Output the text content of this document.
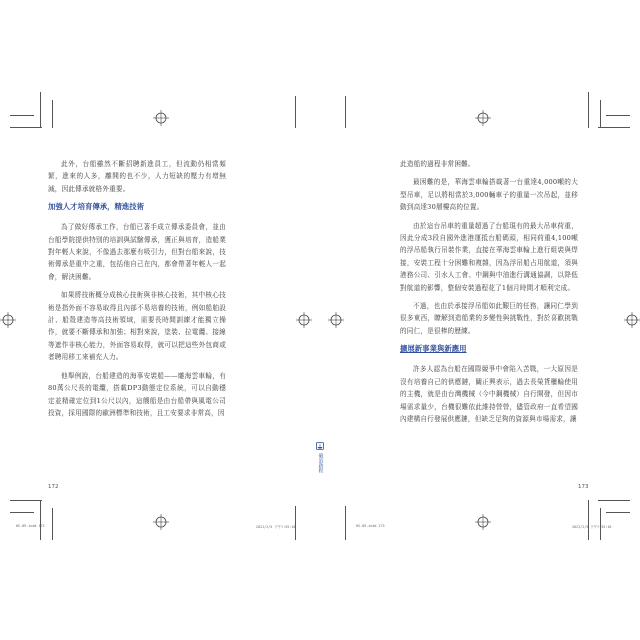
此外，台船雖然不斷招聘新進員工，但流動仍相當頻繁，進來的人多，離開的也不少，人力短缺的壓力有增無減，因此傳承就格外重要。

加強人才培育傳承，精進技術

為了做好傳承工作，台船已著手成立傳承委員會，並由台船學院提供特別的培訓與試驗傳承，獲正與培育，造船業對年輕人來說，不像過去那麼有吸引力，但對台船來說，技術傳承是重中之重，包括他自己在內，都會帶著年輕人一起會，解決困難。

如果將技術概分成核心技術與非核心技術，其中核心技術是指外面不容易取得且內部不易培養的技術，例如船舶設計、船殼建造等高技術領域，需要長時間訓練才能獨立操作，就要不斷傳承和加強；相對來說，塗裝、拉電纜、接線等遮作非核心能力，外面容易取得，就可以把這些外包商或者聘用移工來補充人力。

他舉例說，台船建造的海事安裝船——雕海雲車輪，有80萬公尺長的電纜，搭載DP3動態定位系統，可以自動穩定並精確定位到1公尺以內，這艘船是由台船帶與風電公司投資，採用國際的歐洲標準和技術，且工安要求非常高，因

172
HS-09.indd 172	2021/2/5 下午7:55:16
破浪啟程

此造船的過程非常困難。

最困難的是，華海雲車輪搭載著一台重達4,000噸的大型吊車，足以將相當於3,000輛車子的重量一次吊起，並移動到高達30層樓高的位置。

由於這台吊車的重量超過了台船現有的最大吊車荷重，因此分成3段自國外進港運抵台船碼頭，相同荷重4,100噸的浮吊船執行吊裝作業，直接在華海雲車輪上進行組裝與焊接，安裝工程十分困難和複雜，因為浮吊船占用航道，須與港務公司、引水人工會、中鋼與中油進行溝通協調，以降低對航道的影響，整個安裝過程花了1個月時間才順利完成。

不過，也由於承接浮吊船如此艱巨的任務，讓同仁學到很多東西，瞭解到造船業的多變性與挑戰性，對於喜歡挑戰的同仁，是很棒的歷練。

擴展新事業與新應用

許多人認為台船在國際競爭中會陷入苦戰，一大原因是沒有培養自己的供應鏈，關正興表示，過去長榮貨櫃輪使用的主機，就是由台灣機械（今中鋼機械）自行開發，但因市場需求量少，台機很難依此維持營營，儘管政府一直希望國內建構自行發展供應鏈，但缺乏足夠的資源與市場需求，讓

173
HS-09.indd 173	2021/2/5 下午7:55:16
